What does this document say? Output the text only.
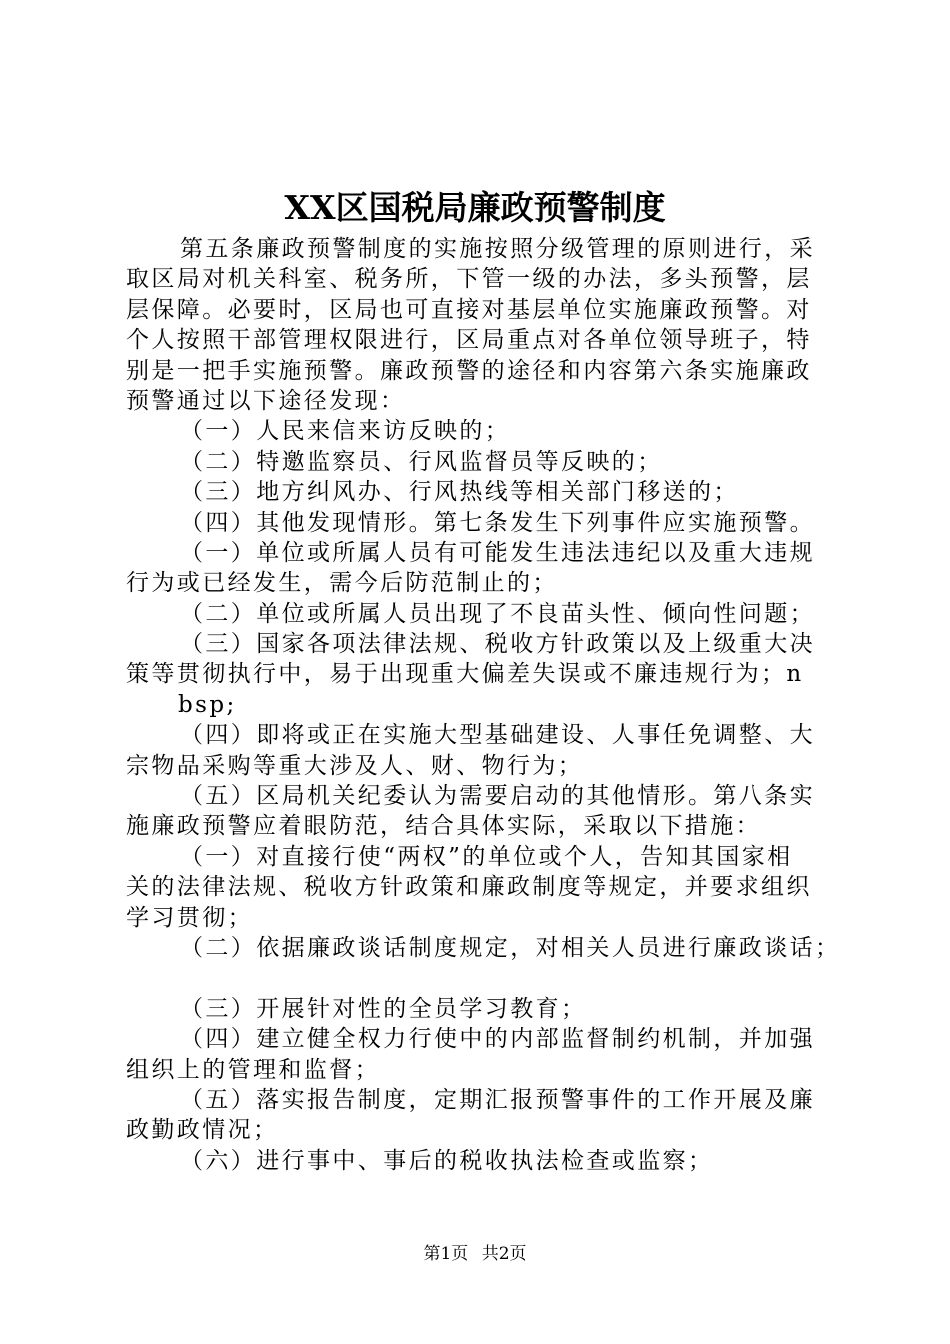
XX区国税局廉政预警制度
第五条廉政预警制度的实施按照分级管理的原则进行，采
取区局对机关科室、税务所，下管一级的办法，多头预警，层
层保障。必要时，区局也可直接对基层单位实施廉政预警。对
个人按照干部管理权限进行，区局重点对各单位领导班子，特
别是一把手实施预警。廉政预警的途径和内容第六条实施廉政
预警通过以下途径发现：
（一）人民来信来访反映的；
（二）特邀监察员、行风监督员等反映的；
（三）地方纠风办、行风热线等相关部门移送的；
（四）其他发现情形。第七条发生下列事件应实施预警。
（一）单位或所属人员有可能发生违法违纪以及重大违规
行为或已经发生，需今后防范制止的；
（二）单位或所属人员出现了不良苗头性、倾向性问题；
（三）国家各项法律法规、税收方针政策以及上级重大决
策等贯彻执行中，易于出现重大偏差失误或不廉违规行为；n
bsp;
（四）即将或正在实施大型基础建设、人事任免调整、大
宗物品采购等重大涉及人、财、物行为；
（五）区局机关纪委认为需要启动的其他情形。第八条实
施廉政预警应着眼防范，结合具体实际，采取以下措施：
（一）对直接行使“两权”的单位或个人，告知其国家相
关的法律法规、税收方针政策和廉政制度等规定，并要求组织
学习贯彻；
（二）依据廉政谈话制度规定，对相关人员进行廉政谈话；
（三）开展针对性的全员学习教育；
（四）建立健全权力行使中的内部监督制约机制，并加强
组织上的管理和监督；
（五）落实报告制度，定期汇报预警事件的工作开展及廉
政勤政情况；
（六）进行事中、事后的税收执法检查或监察；
第1页 共2页
